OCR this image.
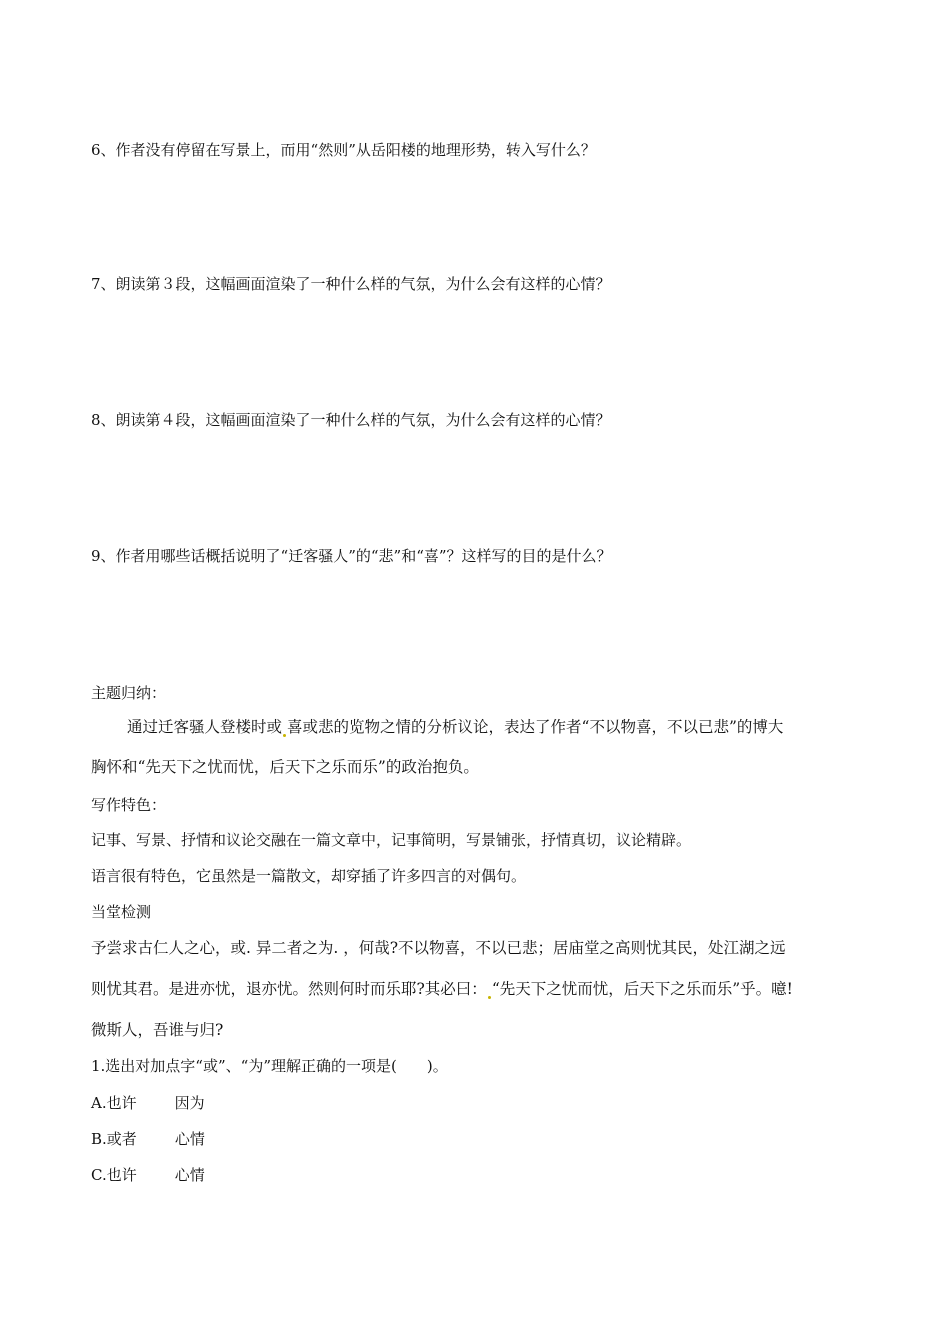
6、作者没有停留在写景上，而用“然则”从岳阳楼的地理形势，转入写什么？
7、朗读第３段，这幅画面渲染了一种什么样的气氛，为什么会有这样的心情？
8、朗读第４段，这幅画面渲染了一种什么样的气氛，为什么会有这样的心情？
9、作者用哪些话概括说明了“迁客骚人”的“悲”和“喜”？这样写的目的是什么？
主题归纳：
通过迁客骚人登楼时或 喜或悲的览物之情的分析议论，表达了作者“不以物喜，不以已悲”的博大
胸怀和“先天下之忧而忧，后天下之乐而乐”的政治抱负。
写作特色：
记事、写景、抒情和议论交融在一篇文章中，记事简明，写景铺张，抒情真切，议论精辟。
语言很有特色，它虽然是一篇散文，却穿插了许多四言的对偶句。
当堂检测
予尝求古仁人之心，或. 异二者之为. ，何哉?不以物喜，不以已悲；居庙堂之高则忧其民，处江湖之远
则忧其君。是进亦忧，退亦忧。然则何时而乐耶?其必曰： “先天下之忧而忧，后天下之乐而乐”乎。噫!
微斯人，吾谁与归?
1.选出对加点字“或”、“为”理解正确的一项是(　　)。
A.也许	因为
B.或者	心情
C.也许	心情
